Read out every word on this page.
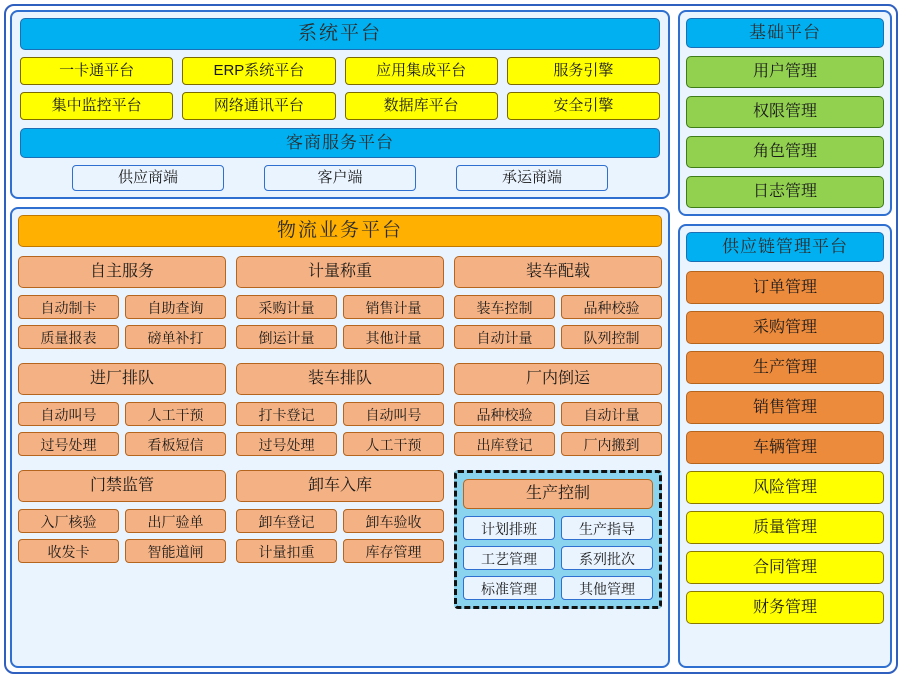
系统平台
一卡通平台	ERP系统平台	应用集成平台	服务引擎
集中监控平台	网络通讯平台	数据库平台	安全引擎
客商服务平台
供应商端	客户端	承运商端
物流业务平台
自主服务
自动制卡	自助查询
质量报表	磅单补打
进厂排队
自动叫号	人工干预
过号处理	看板短信
门禁监管
入厂核验	出厂验单
收发卡	智能道闸
计量称重
采购计量	销售计量
倒运计量	其他计量
装车排队
打卡登记	自动叫号
过号处理	人工干预
卸车入库
卸车登记	卸车验收
计量扣重	库存管理
装车配载
装车控制	品种校验
自动计量	队列控制
厂内倒运
品种校验	自动计量
出库登记	厂内搬到
生产控制
计划排班	生产指导
工艺管理	系列批次
标准管理	其他管理
基础平台
用户管理
权限管理
角色管理
日志管理
供应链管理平台
订单管理
采购管理
生产管理
销售管理
车辆管理
风险管理
质量管理
合同管理
财务管理
